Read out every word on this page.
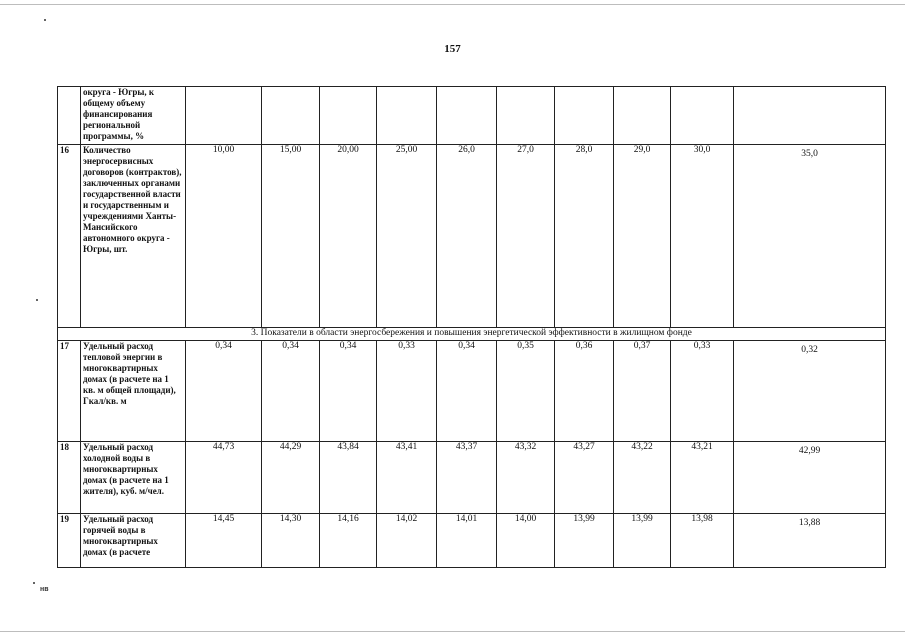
нв
157

	округа - Югры, к общему объему финансирования региональной программы, %										

16	Количество энергосервисных договоров (контрактов), заключенных органами государственной власти и государственным и учреждениями Ханты-Мансийского автономного округа - Югры, шт.	10,00	15,00	20,00	25,00	26,0	27,0	28,0	29,0	30,0	35,0
3. Показатели в области энергосбережения и повышения энергетической эффективности в жилищном фонде											
17	Удельный расход тепловой энергии в многоквартирных домах (в расчете на 1 кв. м общей площади), Гкал/кв. м	0,34	0,34	0,34	0,33	0,34	0,35	0,36	0,37	0,33	0,32
18	Удельный расход холодной воды в многоквартирных домах (в расчете на 1 жителя), куб. м/чел.	44,73	44,29	43,84	43,41	43,37	43,32	43,27	43,22	43,21	42,99
19	Удельный расход горячей воды в многоквартирных домах (в расчете	14,45	14,30	14,16	14,02	14,01	14,00	13,99	13,99	13,98	13,88
